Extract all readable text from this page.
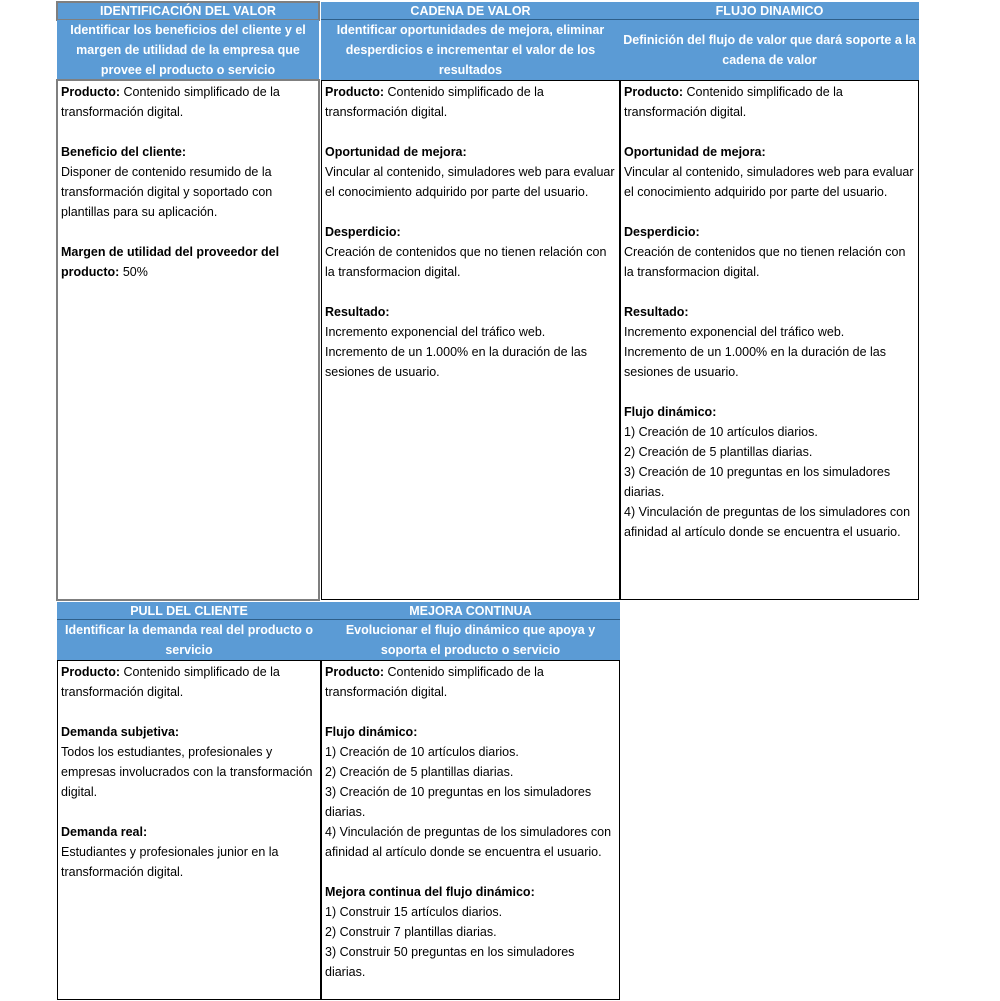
IDENTIFICACIÓN DEL VALOR
Identificar los beneficios del cliente y el margen de utilidad de la empresa que provee el producto o servicio
Producto: Contenido simplificado de la transformación digital.
Beneficio del cliente:
Disponer de contenido resumido de la transformación digital y soportado con plantillas para su aplicación.
Margen de utilidad del proveedor del producto: 50%
CADENA DE VALOR
Identificar oportunidades de mejora, eliminar desperdicios e incrementar el valor de los resultados
Producto: Contenido simplificado de la transformación digital.
Oportunidad de mejora:
Vincular al contenido, simuladores web para evaluar el conocimiento adquirido por parte del usuario.
Desperdicio:
Creación de contenidos que no tienen relación con la transformacion digital.
Resultado:
Incremento exponencial del tráfico web.
Incremento de un 1.000% en la duración de las sesiones de usuario.
FLUJO DINAMICO
Definición del flujo de valor que dará soporte a la cadena de valor
Producto: Contenido simplificado de la transformación digital.
Oportunidad de mejora:
Vincular al contenido, simuladores web para evaluar el conocimiento adquirido por parte del usuario.
Desperdicio:
Creación de contenidos que no tienen relación con la transformacion digital.
Resultado:
Incremento exponencial del tráfico web.
Incremento de un 1.000% en la duración de las sesiones de usuario.
Flujo dinámico:
1) Creación de 10 artículos diarios.
2) Creación de 5 plantillas diarias.
3) Creación de 10 preguntas en los simuladores diarias.
4) Vinculación de preguntas de los simuladores con afinidad al artículo donde se encuentra el usuario.
PULL DEL CLIENTE
Identificar la demanda real del producto o servicio
Producto: Contenido simplificado de la transformación digital.
Demanda subjetiva:
Todos los estudiantes, profesionales y empresas involucrados con la transformación digital.
Demanda real:
Estudiantes y profesionales junior en la transformación digital.
MEJORA CONTINUA
Evolucionar el flujo dinámico que apoya y soporta el producto o servicio
Producto: Contenido simplificado de la transformación digital.
Flujo dinámico:
1) Creación de 10 artículos diarios.
2) Creación de 5 plantillas diarias.
3) Creación de 10 preguntas en los simuladores diarias.
4) Vinculación de preguntas de los simuladores con afinidad al artículo donde se encuentra el usuario.
Mejora continua del flujo dinámico:
1) Construir 15 artículos diarios.
2) Construir 7 plantillas diarias.
3) Construir 50 preguntas en los simuladores diarias.
